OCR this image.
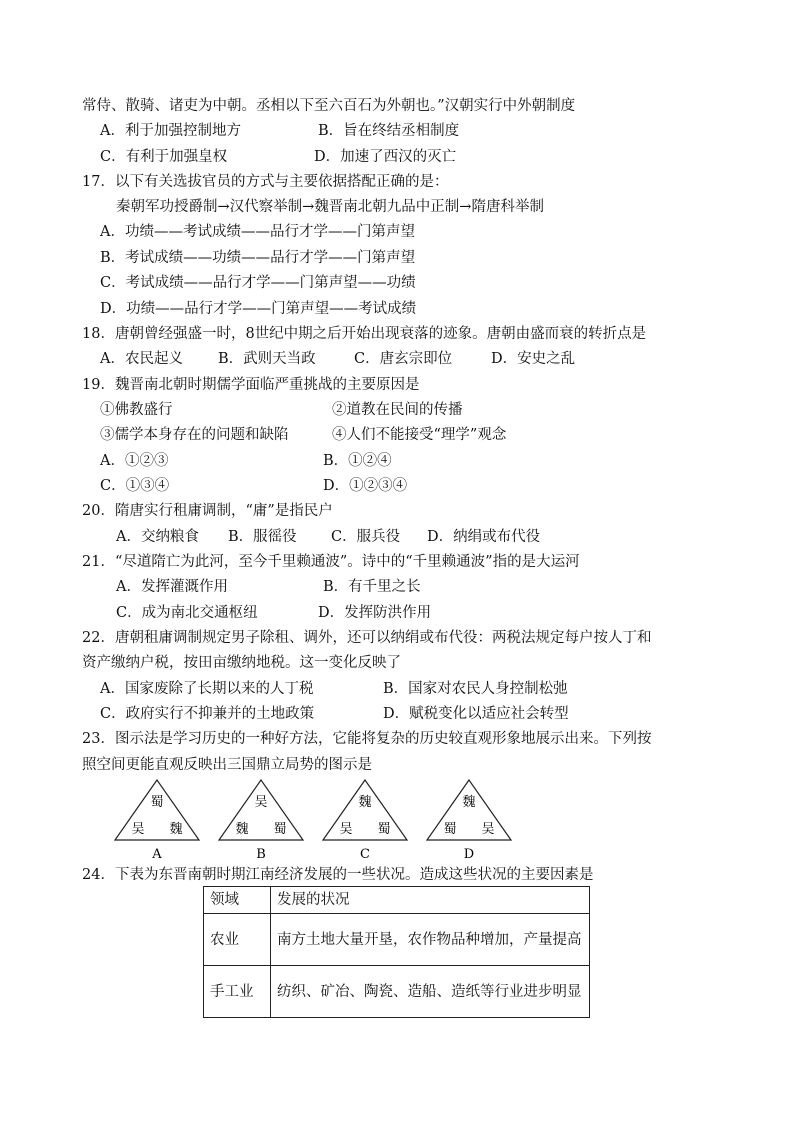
常侍、散骑、诸吏为中朝。丞相以下至六百石为外朝也。”汉朝实行中外朝制度
A．利于加强控制地方	B．旨在终结丞相制度
C．有利于加强皇权	D．加速了西汉的灭亡
17．以下有关选拔官员的方式与主要依据搭配正确的是：
秦朝军功授爵制→汉代察举制→魏晋南北朝九品中正制→隋唐科举制
A．功绩——考试成绩——品行才学——门第声望
B．考试成绩——功绩——品行才学——门第声望
C．考试成绩——品行才学——门第声望——功绩
D．功绩——品行才学——门第声望——考试成绩
18．唐朝曾经强盛一时，8世纪中期之后开始出现衰落的迹象。唐朝由盛而衰的转折点是
A．农民起义 B．武则天当政	C．唐玄宗即位	D．安史之乱
19．魏晋南北朝时期儒学面临严重挑战的主要原因是
①佛教盛行	②道教在民间的传播
③儒学本身存在的问题和缺陷	④人们不能接受“理学”观念
A．①②③	B．①②④
C．①③④	D．①②③④
20．隋唐实行租庸调制，“庸”是指民户
A．交纳粮食 B．服徭役 C．服兵役 D．纳绢或布代役
21．“尽道隋亡为此河，至今千里赖通波”。诗中的“千里赖通波”指的是大运河
A．发挥灌溉作用	B．有千里之长
C．成为南北交通枢纽	D．发挥防洪作用
22．唐朝租庸调制规定男子除租、调外，还可以纳绢或布代役：两税法规定每户按人丁和
资产缴纳户税，按田亩缴纳地税。这一变化反映了
A．国家废除了长期以来的人丁税	B．国家对农民人身控制松弛
C．政府实行不抑兼并的土地政策	D．赋税变化以适应社会转型
23．图示法是学习历史的一种好方法，它能将复杂的历史较直观形象地展示出来。下列按
照空间更能直观反映出三国鼎立局势的图示是
蜀
吴 魏
A
吴
魏 蜀
B
魏
吴 蜀
C
魏
蜀 吴
D
24．下表为东晋南朝时期江南经济发展的一些状况。造成这些状况的主要因素是
领域	发展的状况
农业	南方土地大量开垦，农作物品种增加，产量提高
手工业	纺织、矿冶、陶瓷、造船、造纸等行业进步明显
